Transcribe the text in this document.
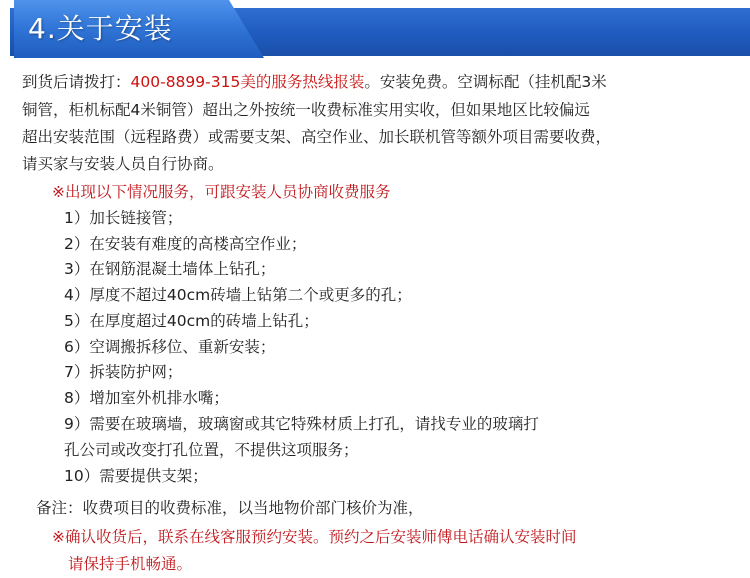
4.关于安装
到货后请拨打：400-8899-315美的服务热线报装。安装免费。空调标配（挂机配3米
铜管，柜机标配4米铜管）超出之外按统一收费标准实用实收，但如果地区比较偏远
超出安装范围（远程路费）或需要支架、高空作业、加长联机管等额外项目需要收费，
请买家与安装人员自行协商。
※出现以下情况服务，可跟安装人员协商收费服务
1）加长链接管；
2）在安装有难度的高楼高空作业；
3）在钢筋混凝土墙体上钻孔；
4）厚度不超过40cm砖墙上钻第二个或更多的孔；
5）在厚度超过40cm的砖墙上钻孔；
6）空调搬拆移位、重新安装；
7）拆装防护网；
8）增加室外机排水嘴；
9）需要在玻璃墙，玻璃窗或其它特殊材质上打孔，请找专业的玻璃打
孔公司或改变打孔位置，不提供这项服务；
10）需要提供支架；
备注：收费项目的收费标准，以当地物价部门核价为准，
※确认收货后，联系在线客服预约安装。预约之后安装师傅电话确认安装时间
请保持手机畅通。
